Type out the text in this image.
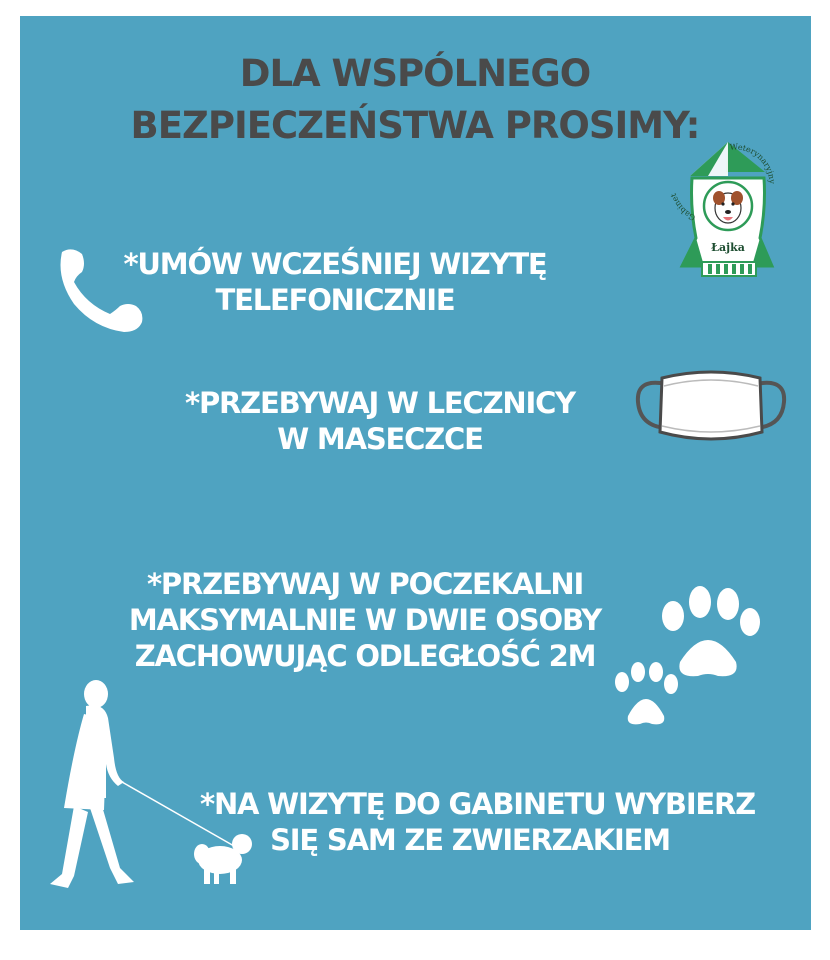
DLA WSPÓLNEGO
BEZPIECZEŃSTWA PROSIMY:
Gabinet
Weterynaryjny
Łajka
*UMÓW WCZEŚNIEJ WIZYTĘ
TELEFONICZNIE
*PRZEBYWAJ W LECZNICY
W MASECZCE
*PRZEBYWAJ W POCZEKALNI
MAKSYMALNIE W DWIE OSOBY
ZACHOWUJĄC ODLEGŁOŚĆ 2M
*NA WIZYTĘ DO GABINETU WYBIERZ
SIĘ SAM ZE ZWIERZAKIEM
